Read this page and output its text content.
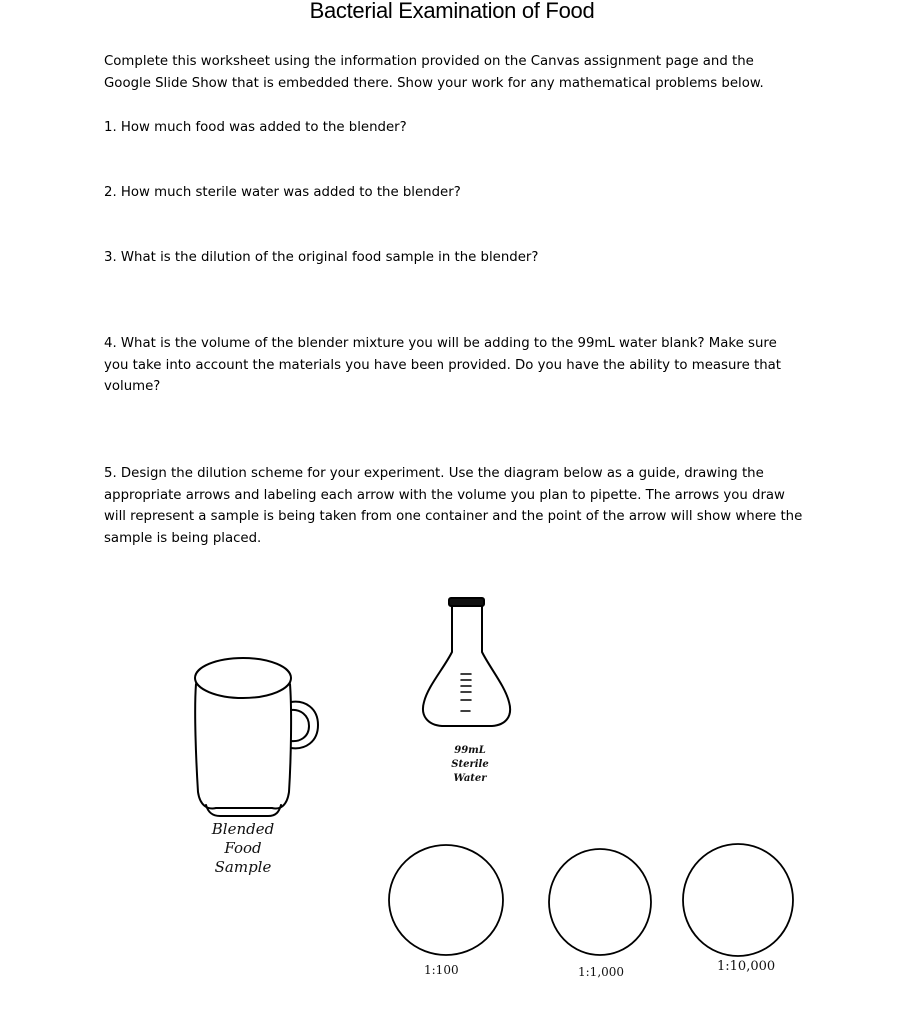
Bacterial Examination of Food
Complete this worksheet using the information provided on the Canvas assignment page and the Google Slide Show that is embedded there. Show your work for any mathematical problems below.
1. How much food was added to the blender?
2. How much sterile water was added to the blender?
3. What is the dilution of the original food sample in the blender?
4. What is the volume of the blender mixture you will be adding to the 99mL water blank? Make sure you take into account the materials you have been provided. Do you have the ability to measure that volume?
5. Design the dilution scheme for your experiment. Use the diagram below as a guide, drawing the appropriate arrows and labeling each arrow with the volume you plan to pipette. The arrows you draw will represent a sample is being taken from one container and the point of the arrow will show where the sample is being placed.
Blended
Food
Sample
99mL
Sterile
Water
1:100	1:1,000	1:10,000
